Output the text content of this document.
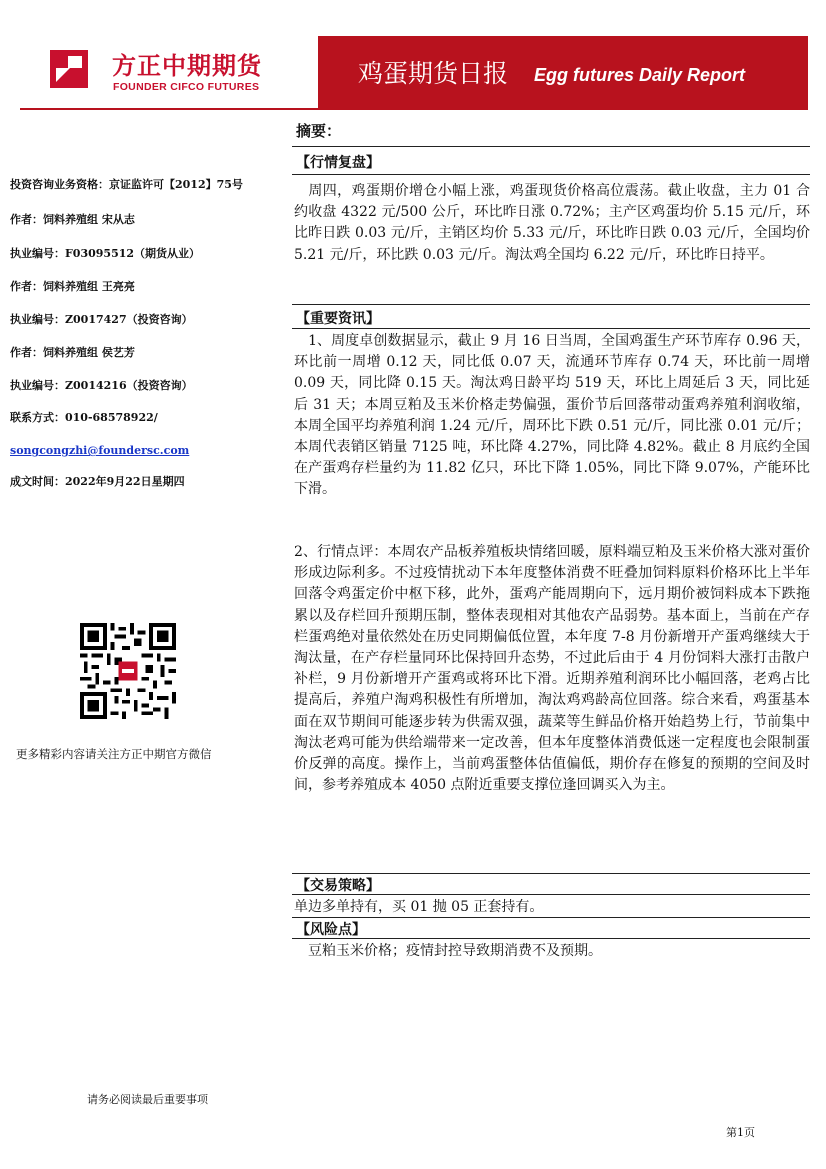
方正中期期货
FOUNDER CIFCO FUTURES	鸡蛋期货日报 Egg futures Daily Report
投资咨询业务资格：京证监许可【2012】75号
作者：饲料养殖组 宋从志
执业编号：F03095512（期货从业）
作者：饲料养殖组 王亮亮
执业编号：Z0017427（投资咨询）
作者：饲料养殖组 侯艺芳
执业编号：Z0014216（投资咨询）
联系方式：010-68578922/
songcongzhi@foundersc.com
成文时间：2022年9月22日星期四
更多精彩内容请关注方正中期官方微信
摘要：
【行情复盘】
　周四，鸡蛋期价增仓小幅上涨，鸡蛋现货价格高位震荡。截止收盘，主力 01 合约收盘 4322 元/500 公斤，环比昨日涨 0.72%；主产区鸡蛋均价 5.15 元/斤，环比昨日跌 0.03 元/斤，主销区均价 5.33 元/斤，环比昨日跌 0.03 元/斤，全国均价 5.21 元/斤，环比跌 0.03 元/斤。淘汰鸡全国均 6.22 元/斤，环比昨日持平。
【重要资讯】
　1、周度卓创数据显示，截止 9 月 16 日当周，全国鸡蛋生产环节库存 0.96 天，环比前一周增 0.12 天，同比低 0.07 天，流通环节库存 0.74 天，环比前一周增 0.09 天，同比降 0.15 天。淘汰鸡日龄平均 519 天，环比上周延后 3 天，同比延后 31 天；本周豆粕及玉米价格走势偏强，蛋价节后回落带动蛋鸡养殖利润收缩，本周全国平均养殖利润 1.24 元/斤，周环比下跌 0.51 元/斤，同比涨 0.01 元/斤；本周代表销区销量 7125 吨，环比降 4.27%，同比降 4.82%。截止 8 月底约全国在产蛋鸡存栏量约为 11.82 亿只，环比下降 1.05%，同比下降 9.07%，产能环比下滑。
2、行情点评：本周农产品板养殖板块情绪回暖，原料端豆粕及玉米价格大涨对蛋价形成边际利多。不过疫情扰动下本年度整体消费不旺叠加饲料原料价格环比上半年回落令鸡蛋定价中枢下移，此外，蛋鸡产能周期向下，远月期价被饲料成本下跌拖累以及存栏回升预期压制，整体表现相对其他农产品弱势。基本面上，当前在产存栏蛋鸡绝对量依然处在历史同期偏低位置，本年度 7-8 月份新增开产蛋鸡继续大于淘汰量，在产存栏量同环比保持回升态势，不过此后由于 4 月份饲料大涨打击散户补栏，9 月份新增开产蛋鸡或将环比下滑。近期养殖利润环比小幅回落，老鸡占比提高后，养殖户淘鸡积极性有所增加，淘汰鸡鸡龄高位回落。综合来看，鸡蛋基本面在双节期间可能逐步转为供需双强，蔬菜等生鲜品价格开始趋势上行，节前集中淘汰老鸡可能为供给端带来一定改善，但本年度整体消费低迷一定程度也会限制蛋价反弹的高度。操作上，当前鸡蛋整体估值偏低，期价存在修复的预期的空间及时间，参考养殖成本 4050 点附近重要支撑位逢回调买入为主。
【交易策略】
单边多单持有，买 01 抛 05 正套持有。
【风险点】
　豆粕玉米价格；疫情封控导致期消费不及预期。
请务必阅读最后重要事项
第1页
